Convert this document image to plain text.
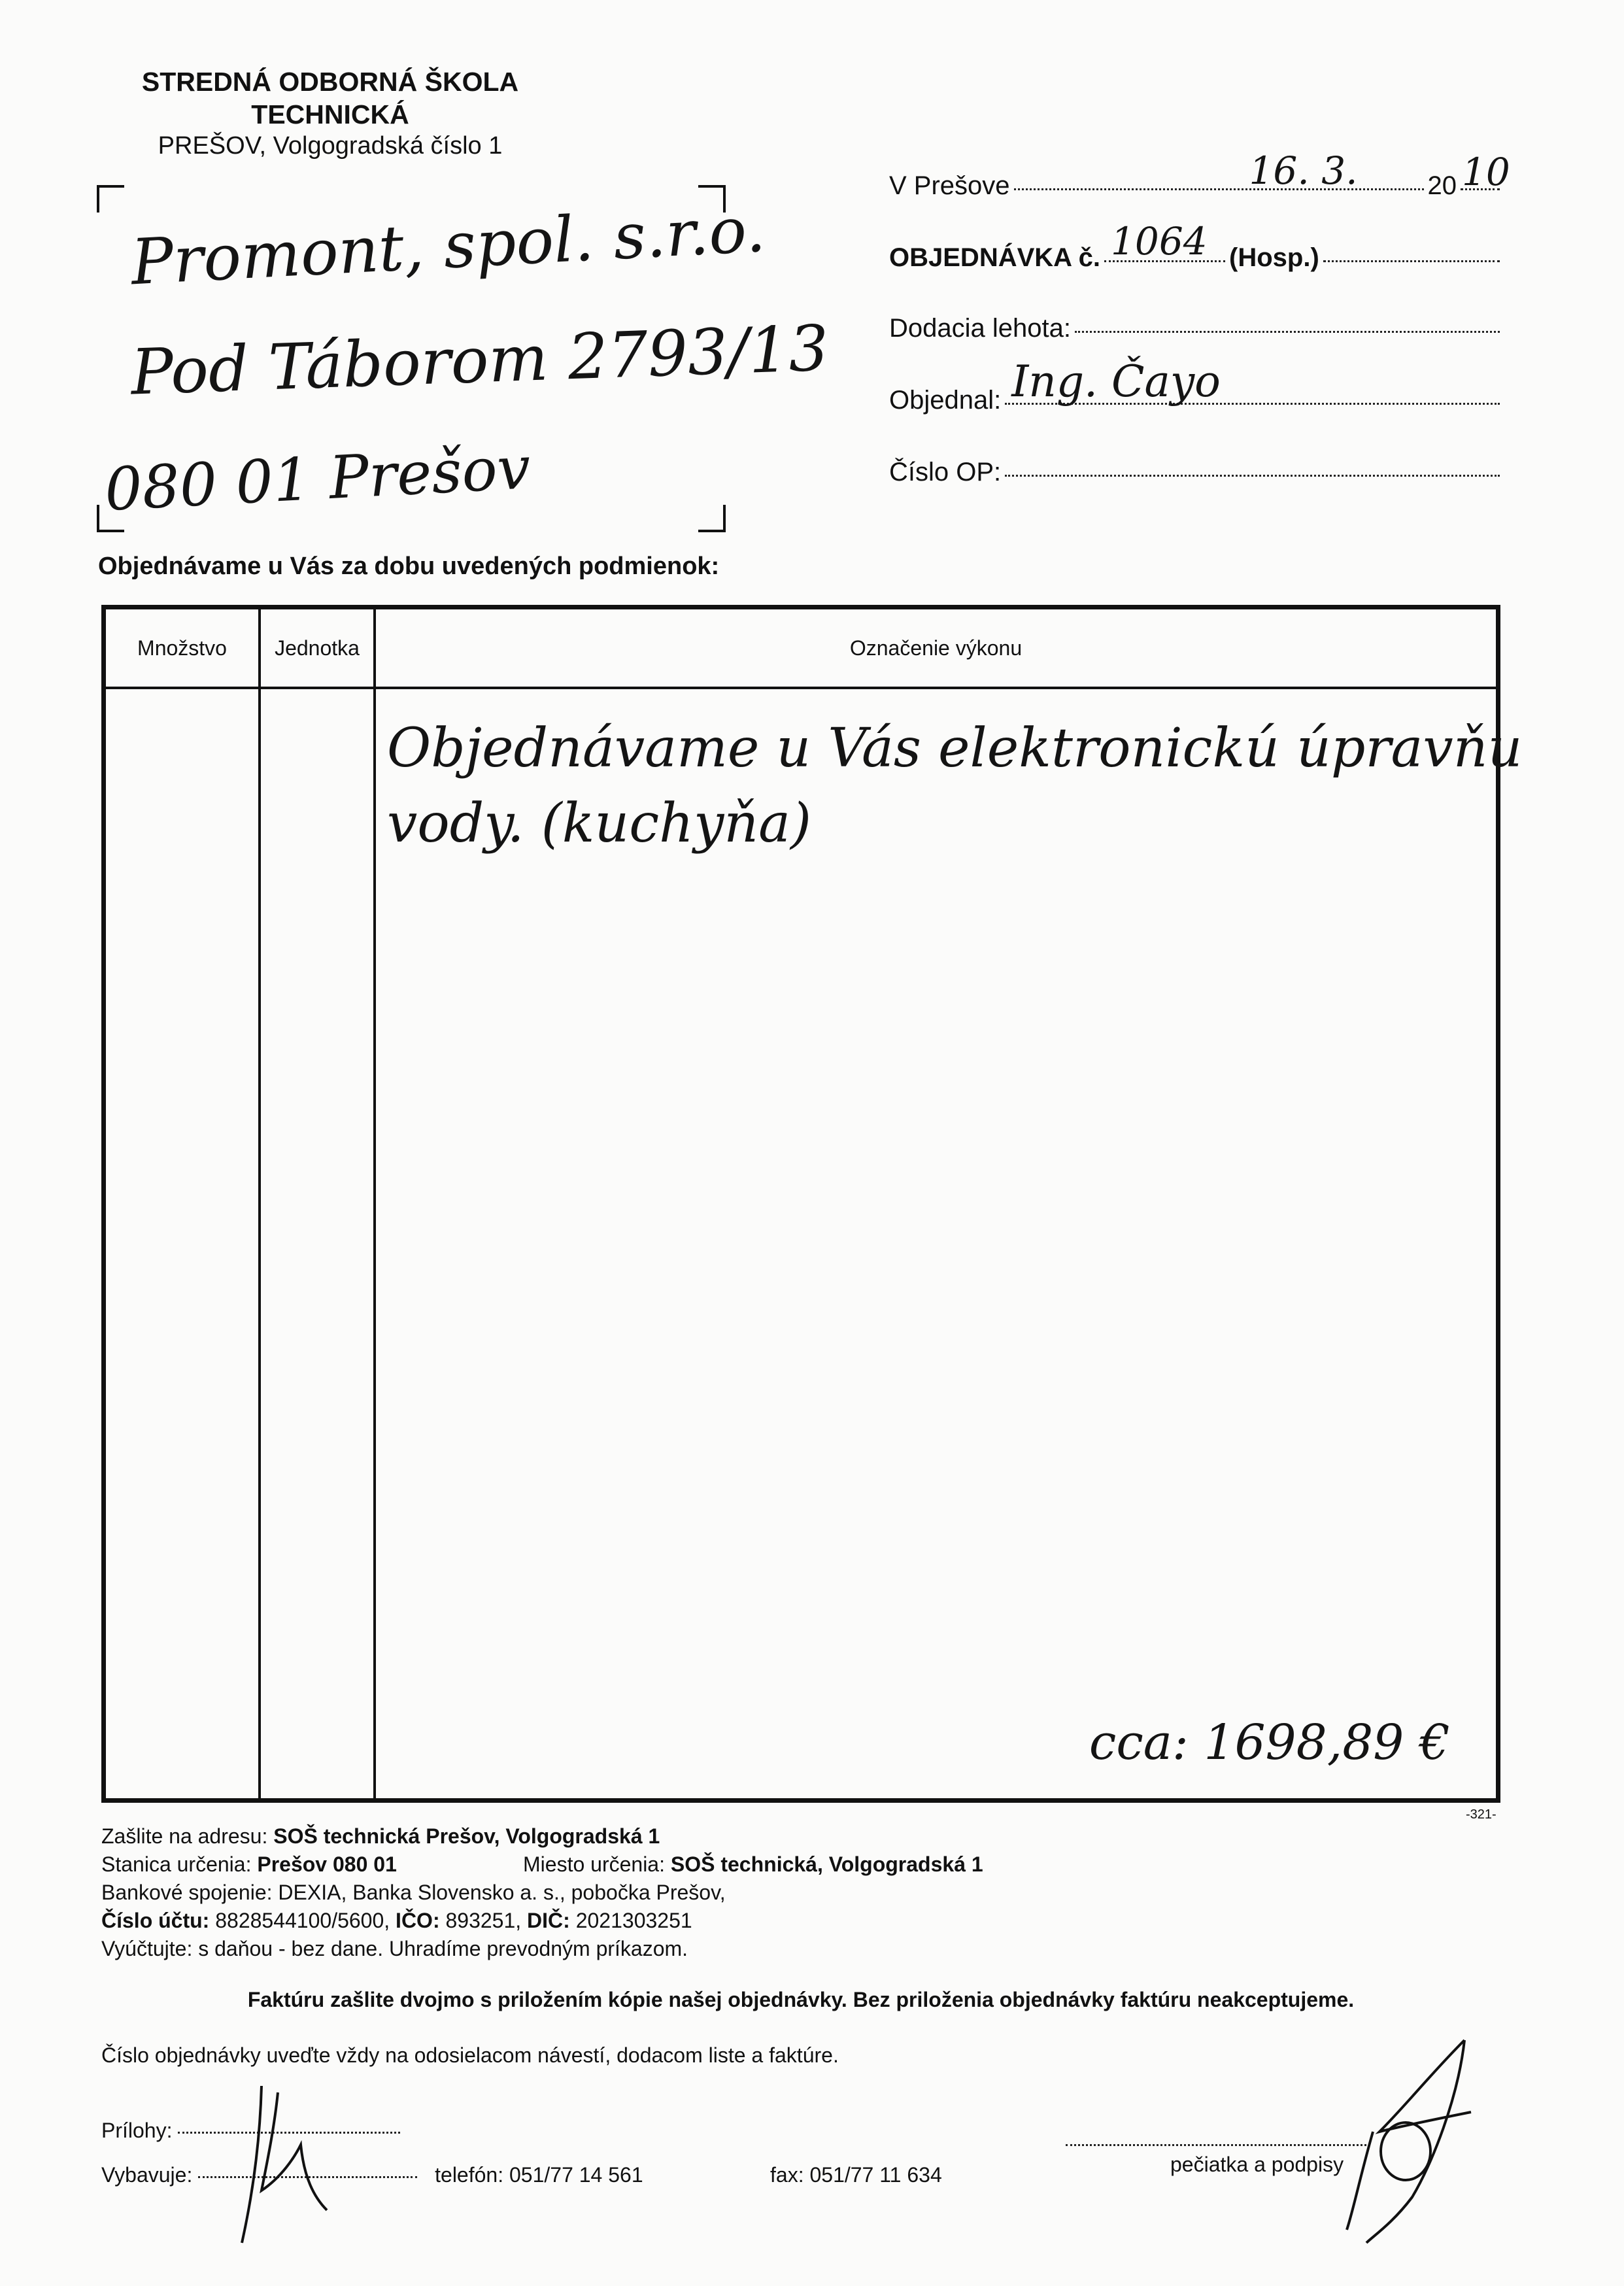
STREDNÁ ODBORNÁ ŠKOLA
TECHNICKÁ
PREŠOV, Volgogradská číslo 1
Promont, spol. s.r.o.
Pod Táborom 2793/13
080 01 Prešov
V Prešove	16. 3.	20 10
OBJEDNÁVKA č. 1064 (Hosp.)
Dodacia lehota:
Objednal: Ing. Čayo
Číslo OP:
Objednávame u Vás za dobu uvedených podmienok:
Množstvo	Jednotka	Označenie výkonu
Objednávame u Vás elektronickú úpravňu
vody. (kuchyňa)
cca: 1698,89 €
-321-
Zašlite na adresu: SOŠ technická Prešov, Volgogradská 1
Stanica určenia: Prešov 080 01	Miesto určenia: SOŠ technická, Volgogradská 1
Bankové spojenie: DEXIA, Banka Slovensko a. s., pobočka Prešov,
Číslo účtu: 8828544100/5600, IČO: 893251, DIČ: 2021303251
Vyúčtujte: s daňou - bez dane. Uhradíme prevodným príkazom.
Faktúru zašlite dvojmo s priložením kópie našej objednávky. Bez priloženia objednávky faktúru neakceptujeme.
Číslo objednávky uveďte vždy na odosielacom návestí, dodacom liste a faktúre.
Prílohy:
Vybavuje:	telefón: 051/77 14 561	fax: 051/77 11 634	pečiatka a podpisy
